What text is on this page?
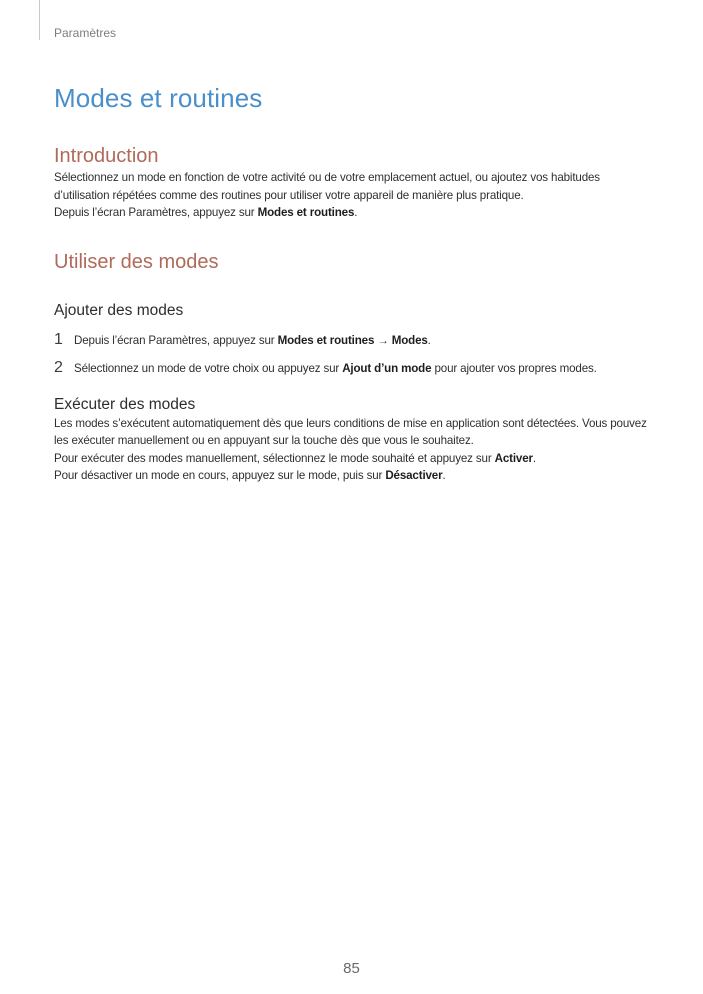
Paramètres
Modes et routines
Introduction

Sélectionnez un mode en fonction de votre activité ou de votre emplacement actuel, ou ajoutez vos habitudes d’utilisation répétées comme des routines pour utiliser votre appareil de manière plus pratique.

Depuis l’écran Paramètres, appuyez sur Modes et routines.

Utiliser des modes
Ajouter des modes
1 Depuis l’écran Paramètres, appuyez sur Modes et routines → Modes.
2 Sélectionnez un mode de votre choix ou appuyez sur Ajout d’un mode pour ajouter vos propres modes.
Exécuter des modes

Les modes s’exécutent automatiquement dès que leurs conditions de mise en application sont détectées. Vous pouvez les exécuter manuellement ou en appuyant sur la touche dès que vous le souhaitez.

Pour exécuter des modes manuellement, sélectionnez le mode souhaité et appuyez sur Activer.

Pour désactiver un mode en cours, appuyez sur le mode, puis sur Désactiver.

85
